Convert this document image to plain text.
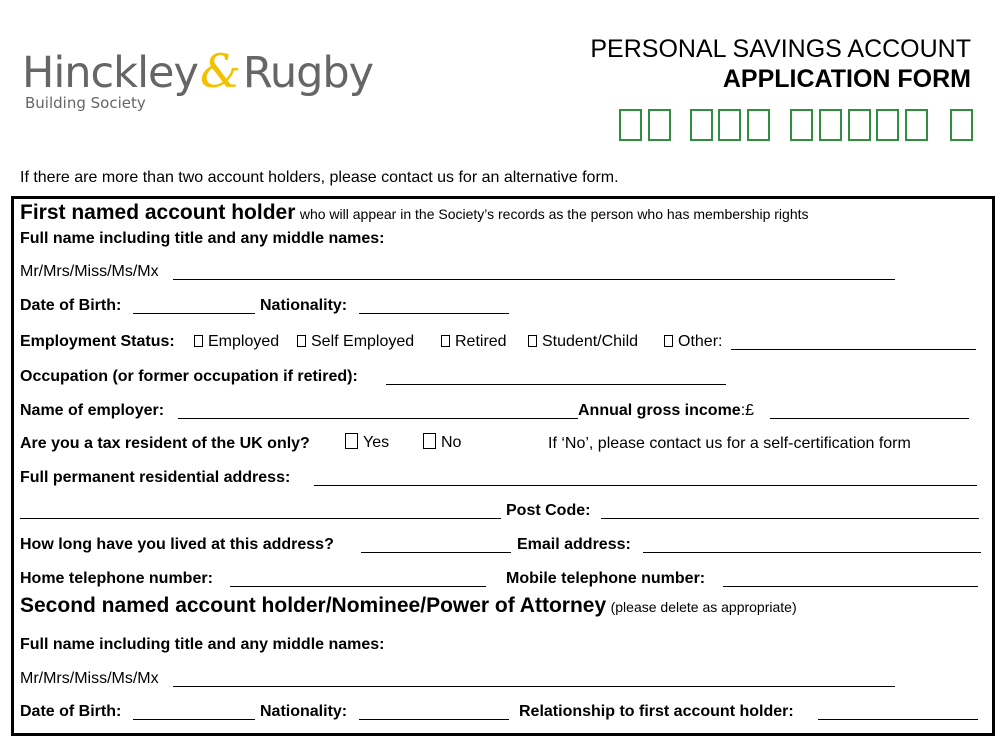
Hinckley&Rugby
Building Society
PERSONAL SAVINGS ACCOUNT
APPLICATION FORM
If there are more than two account holders, please contact us for an alternative form.
First named account holder who will appear in the Society’s records as the person who has membership rights
Full name including title and any middle names:
Mr/Mrs/Miss/Ms/Mx
Date of Birth:	Nationality:
Employment Status:	Employed	Self Employed	Retired	Student/Child	Other:
Occupation (or former occupation if retired):
Name of employer:	Annual gross income:£
Are you a tax resident of the UK only?	Yes	No	If ‘No’, please contact us for a self-certification form
Full permanent residential address:
Post Code:
How long have you lived at this address?	Email address:
Home telephone number:	Mobile telephone number:
Second named account holder/Nominee/Power of Attorney (please delete as appropriate)
Full name including title and any middle names:
Mr/Mrs/Miss/Ms/Mx
Date of Birth:	Nationality:	Relationship to first account holder:
